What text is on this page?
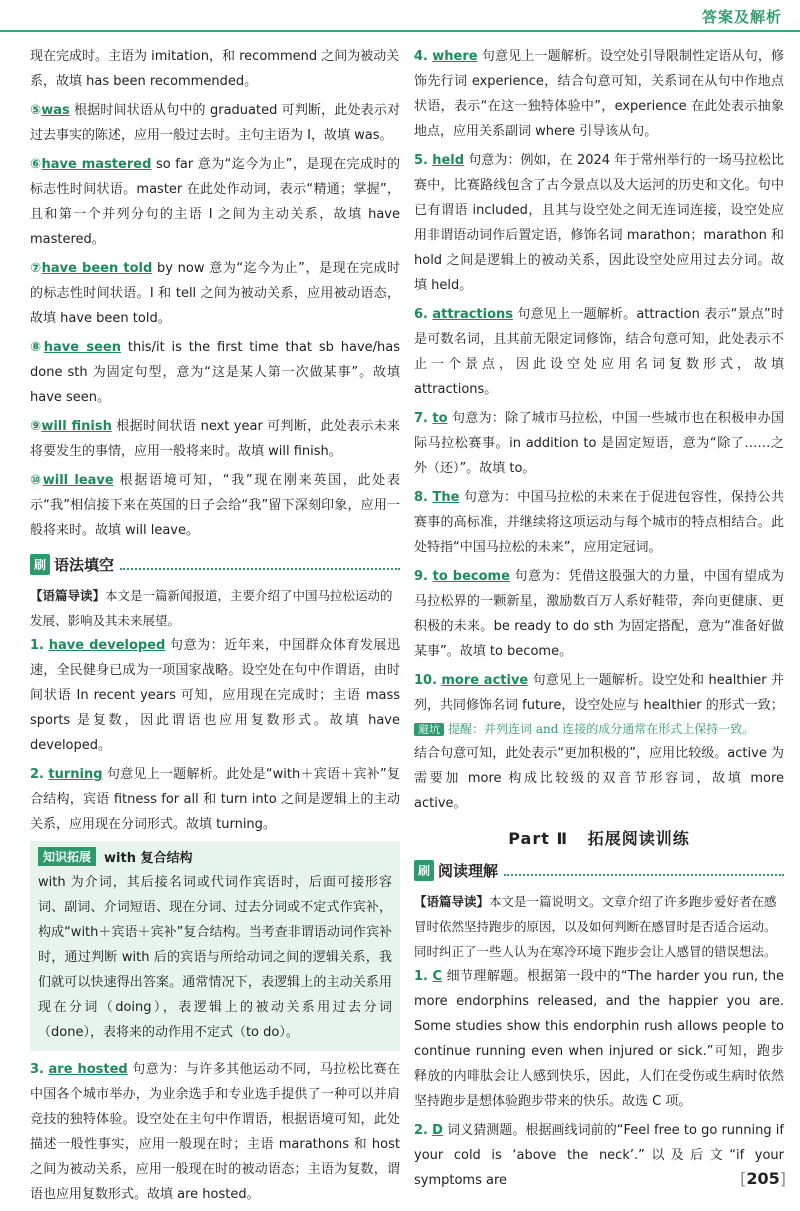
答案及解析

现在完成时。主语为 imitation，和 recommend 之间为被动关

系，故填 has been recommended。

⑤was 根据时间状语从句中的 graduated 可判断，此处表示对过去事实的陈述，应用一般过去时。主句主语为 I，故填 was。

⑥have mastered so far 意为“迄今为止”，是现在完成时的标志性时间状语。master 在此处作动词，表示“精通；掌握”，且和第一个并列分句的主语 I 之间为主动关系，故填 have mastered。

⑦have been told by now 意为“迄今为止”，是现在完成时的标志性时间状语。I 和 tell 之间为被动关系，应用被动语态，故填 have been told。

⑧have seen this/it is the first time that sb have/has done sth 为固定句型，意为“这是某人第一次做某事”。故填 have seen。

⑨will finish 根据时间状语 next year 可判断，此处表示未来将要发生的事情，应用一般将来时。故填 will finish。

⑩will leave 根据语境可知，“我”现在刚来英国，此处表示“我”相信接下来在英国的日子会给“我”留下深刻印象，应用一般将来时。故填 will leave。

刷 语法填空

【语篇导读】本文是一篇新闻报道，主要介绍了中国马拉松运动的发展、影响及其未来展望。

1. have developed 句意为：近年来，中国群众体育发展迅速，全民健身已成为一项国家战略。设空处在句中作谓语，由时间状语 In recent years 可知，应用现在完成时；主语 mass sports 是复数，因此谓语也应用复数形式。故填 have developed。

2. turning 句意见上一题解析。此处是“with＋宾语＋宾补”复合结构，宾语 fitness for all 和 turn into 之间是逻辑上的主动关系，应用现在分词形式。故填 turning。

知识拓展	with 复合结构

with 为介词，其后接名词或代词作宾语时，后面可接形容词、副词、介词短语、现在分词、过去分词或不定式作宾补，构成“with＋宾语＋宾补”复合结构。当考查非谓语动词作宾补时，通过判断 with 后的宾语与所给动词之间的逻辑关系，我们就可以快速得出答案。通常情况下，表逻辑上的主动关系用现在分词（doing），表逻辑上的被动关系用过去分词（done），表将来的动作用不定式（to do）。

3. are hosted 句意为：与许多其他运动不同，马拉松比赛在中国各个城市举办，为业余选手和专业选手提供了一种可以并肩竞技的独特体验。设空处在主句中作谓语，根据语境可知，此处描述一般性事实，应用一般现在时；主语 marathons 和 host 之间为被动关系，应用一般现在时的被动语态；主语为复数，谓语也应用复数形式。故填 are hosted。

4. where 句意见上一题解析。设空处引导限制性定语从句，修饰先行词 experience，结合句意可知，关系词在从句中作地点状语，表示“在这一独特体验中”，experience 在此处表示抽象地点，应用关系副词 where 引导该从句。

5. held 句意为：例如，在 2024 年于常州举行的一场马拉松比赛中，比赛路线包含了古今景点以及大运河的历史和文化。句中已有谓语 included，且其与设空处之间无连词连接，设空处应用非谓语动词作后置定语，修饰名词 marathon；marathon 和 hold 之间是逻辑上的被动关系，因此设空处应用过去分词。故填 held。

6. attractions 句意见上一题解析。attraction 表示“景点”时是可数名词，且其前无限定词修饰，结合句意可知，此处表示不止一个景点，因此设空处应用名词复数形式，故填 attractions。

7. to 句意为：除了城市马拉松，中国一些城市也在积极申办国际马拉松赛事。in addition to 是固定短语，意为“除了……之外（还）”。故填 to。

8. The 句意为：中国马拉松的未来在于促进包容性，保持公共赛事的高标准，并继续将这项运动与每个城市的特点相结合。此处特指“中国马拉松的未来”，应用定冠词。

9. to become 句意为：凭借这股强大的力量，中国有望成为马拉松界的一颗新星，激励数百万人系好鞋带，奔向更健康、更积极的未来。be ready to do sth 为固定搭配，意为“准备好做某事”。故填 to become。

10. more active 句意见上一题解析。设空处和 healthier 并列，共同修饰名词 future，设空处应与 healthier 的形式一致；

避坑 提醒：并列连词 and 连接的成分通常在形式上保持一致。

结合句意可知，此处表示“更加积极的”，应用比较级。active 为需要加 more 构成比较级的双音节形容词，故填 more active。

Part Ⅱ 拓展阅读训练
刷 阅读理解

【语篇导读】本文是一篇说明文。文章介绍了许多跑步爱好者在感冒时依然坚持跑步的原因，以及如何判断在感冒时是否适合运动。同时纠正了一些人认为在寒冷环境下跑步会让人感冒的错误想法。

1. C 细节理解题。根据第一段中的“The harder you run, the more endorphins released, and the happier you are. Some studies show this endorphin rush allows people to continue running even when injured or sick.”可知，跑步释放的内啡肽会让人感到快乐，因此，人们在受伤或生病时依然坚持跑步是想体验跑步带来的快乐。故选 C 项。

2. D 词义猜测题。根据画线词前的“Feel free to go running if your cold is ‘above the neck’.”以及后文“if your symptoms are	[205]
